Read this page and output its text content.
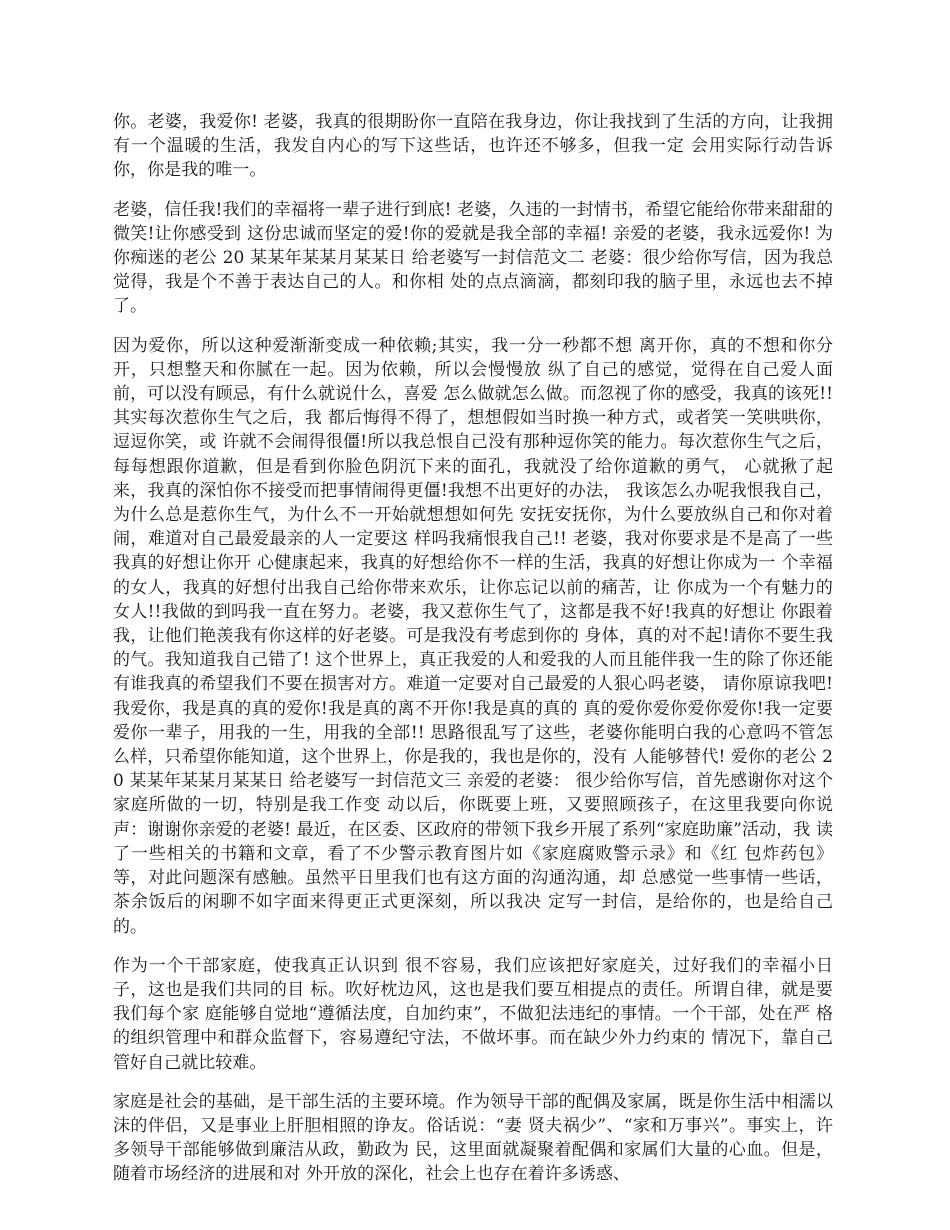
你。老婆，我爱你! 老婆，我真的很期盼你一直陪在我身边，你让我找到了生活的方向，让我拥有一个温暖的生活，我发自内心的写下这些话，也许还不够多，但我一定 会用实际行动告诉你，你是我的唯一。

老婆，信任我!我们的幸福将一辈子进行到底! 老婆，久违的一封情书，希望它能给你带来甜甜的微笑!让你感受到 这份忠诚而坚定的爱!你的爱就是我全部的幸福! 亲爱的老婆，我永远爱你! 为你痴迷的老公 20 某某年某某月某某日 给老婆写一封信范文二 老婆：很少给你写信，因为我总觉得，我是个不善于表达自己的人。和你相 处的点点滴滴，都刻印我的脑子里，永远也去不掉了。

因为爱你，所以这种爱渐渐变成一种依赖;其实，我一分一秒都不想 离开你，真的不想和你分开，只想整天和你腻在一起。因为依赖，所以会慢慢放 纵了自己的感觉，觉得在自己爱人面前，可以没有顾忌，有什么就说什么，喜爱 怎么做就怎么做。而忽视了你的感受，我真的该死!!其实每次惹你生气之后，我 都后悔得不得了，想想假如当时换一种方式，或者笑一笑哄哄你，逗逗你笑，或 许就不会闹得很僵!所以我总恨自己没有那种逗你笑的能力。每次惹你生气之后， 每每想跟你道歉，但是看到你脸色阴沉下来的面孔，我就没了给你道歉的勇气， 心就揪了起来，我真的深怕你不接受而把事情闹得更僵!我想不出更好的办法， 我该怎么办呢我恨我自己，为什么总是惹你生气，为什么不一开始就想想如何先 安抚安抚你，为什么要放纵自己和你对着闹，难道对自己最爱最亲的人一定要这 样吗我痛恨我自己!! 老婆，我对你要求是不是高了一些我真的好想让你开 心健康起来，我真的好想给你不一样的生活，我真的好想让你成为一 个幸福的女人，我真的好想付出我自己给你带来欢乐，让你忘记以前的痛苦，让 你成为一个有魅力的女人!!我做的到吗我一直在努力。老婆，我又惹你生气了，这都是我不好!我真的好想让 你跟着我，让他们艳羡我有你这样的好老婆。可是我没有考虑到你的 身体，真的对不起!请你不要生我的气。我知道我自己错了! 这个世界上，真正我爱的人和爱我的人而且能伴我一生的除了你还能 有谁我真的希望我们不要在损害对方。难道一定要对自己最爱的人狠心吗老婆， 请你原谅我吧!我爱你，我是真的真的爱你!我是真的离不开你!我是真的真的 真的爱你爱你爱你爱你!我一定要爱你一辈子，用我的一生，用我的全部!! 思路很乱写了这些，老婆你能明白我的心意吗不管怎 么样，只希望你能知道，这个世界上，你是我的，我也是你的，没有 人能够替代! 爱你的老公 20 某某年某某月某某日 给老婆写一封信范文三 亲爱的老婆： 很少给你写信，首先感谢你对这个家庭所做的一切，特别是我工作变 动以后，你既要上班，又要照顾孩子，在这里我要向你说声：谢谢你亲爱的老婆! 最近，在区委、区政府的带领下我乡开展了系列“家庭助廉”活动，我 读了一些相关的书籍和文章，看了不少警示教育图片如《家庭腐败警示录》和《红 包炸药包》等，对此问题深有感触。虽然平日里我们也有这方面的沟通沟通，却 总感觉一些事情一些话，茶余饭后的闲聊不如字面来得更正式更深刻，所以我决 定写一封信，是给你的，也是给自己的。

作为一个干部家庭，使我真正认识到 很不容易，我们应该把好家庭关，过好我们的幸福小日子，这也是我们共同的目 标。吹好枕边风，这也是我们要互相提点的责任。所谓自律，就是要我们每个家 庭能够自觉地“遵循法度，自加约束”，不做犯法违纪的事情。一个干部，处在严 格的组织管理中和群众监督下，容易遵纪守法，不做坏事。而在缺少外力约束的 情况下，靠自己管好自己就比较难。

家庭是社会的基础，是干部生活的主要环境。作为领导干部的配偶及家属，既是你生活中相濡以沫的伴侣，又是事业上肝胆相照的诤友。俗话说：“妻 贤夫祸少”、“家和万事兴”。事实上，许多领导干部能够做到廉洁从政，勤政为 民，这里面就凝聚着配偶和家属们大量的心血。但是，随着市场经济的进展和对 外开放的深化，社会上也存在着许多诱惑、
